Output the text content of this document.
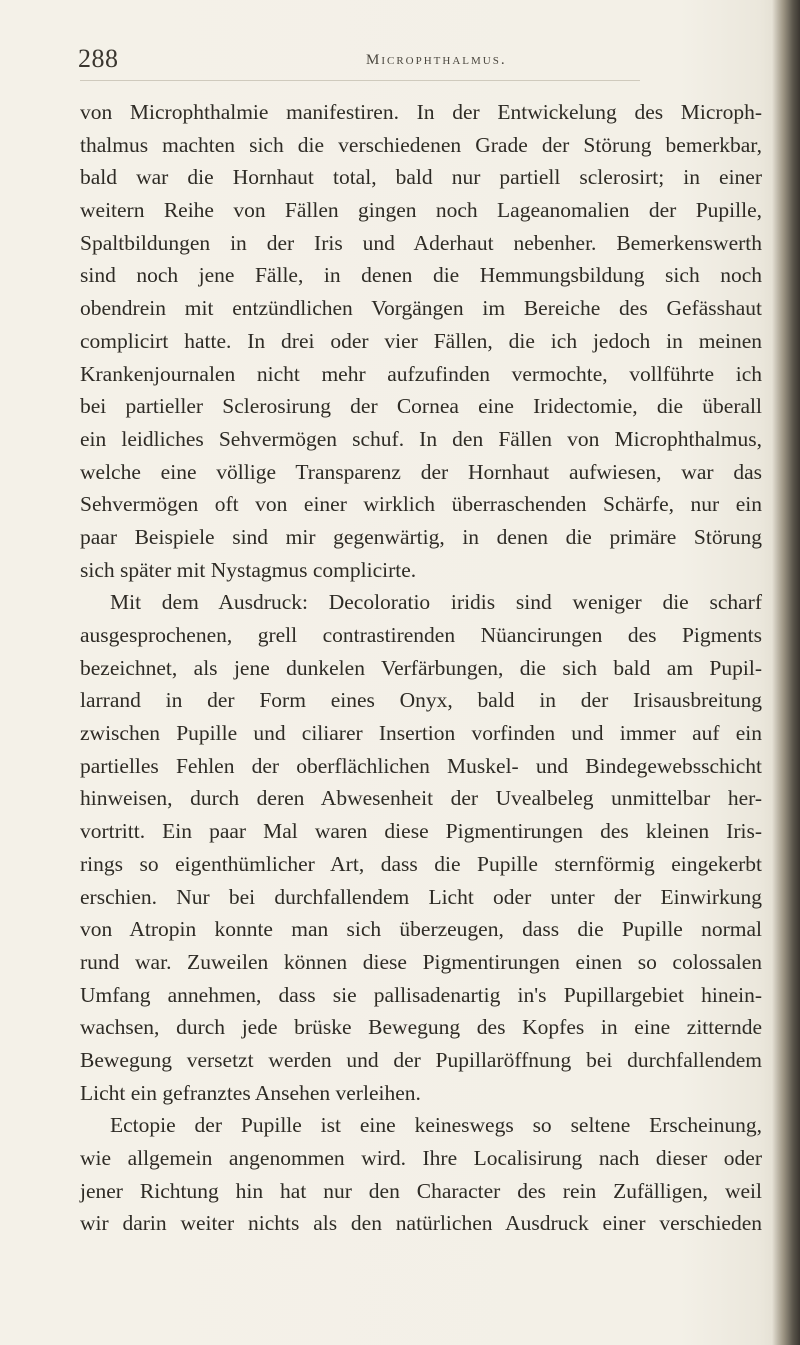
288	Microphthalmus.
von Microphthalmie manifestiren. In der Entwickelung des Microph-
thalmus machten sich die verschiedenen Grade der Störung bemerkbar,
bald war die Hornhaut total, bald nur partiell sclerosirt; in einer
weitern Reihe von Fällen gingen noch Lageanomalien der Pupille,
Spaltbildungen in der Iris und Aderhaut nebenher. Bemerkenswerth
sind noch jene Fälle, in denen die Hemmungsbildung sich noch
obendrein mit entzündlichen Vorgängen im Bereiche des Gefässhaut
complicirt hatte. In drei oder vier Fällen, die ich jedoch in meinen
Krankenjournalen nicht mehr aufzufinden vermochte, vollführte ich
bei partieller Sclerosirung der Cornea eine Iridectomie, die überall
ein leidliches Sehvermögen schuf. In den Fällen von Microphthalmus,
welche eine völlige Transparenz der Hornhaut aufwiesen, war das
Sehvermögen oft von einer wirklich überraschenden Schärfe, nur ein
paar Beispiele sind mir gegenwärtig, in denen die primäre Störung
sich später mit Nystagmus complicirte.
Mit dem Ausdruck: Decoloratio iridis sind weniger die scharf
ausgesprochenen, grell contrastirenden Nüancirungen des Pigments
bezeichnet, als jene dunkelen Verfärbungen, die sich bald am Pupil-
larrand in der Form eines Onyx, bald in der Irisausbreitung
zwischen Pupille und ciliarer Insertion vorfinden und immer auf ein
partielles Fehlen der oberflächlichen Muskel- und Bindegewebsschicht
hinweisen, durch deren Abwesenheit der Uvealbeleg unmittelbar her-
vortritt. Ein paar Mal waren diese Pigmentirungen des kleinen Iris-
rings so eigenthümlicher Art, dass die Pupille sternförmig eingekerbt
erschien. Nur bei durchfallendem Licht oder unter der Einwirkung
von Atropin konnte man sich überzeugen, dass die Pupille normal
rund war. Zuweilen können diese Pigmentirungen einen so colossalen
Umfang annehmen, dass sie pallisadenartig in's Pupillargebiet hinein-
wachsen, durch jede brüske Bewegung des Kopfes in eine zitternde
Bewegung versetzt werden und der Pupillaröffnung bei durchfallendem
Licht ein gefranztes Ansehen verleihen.
Ectopie der Pupille ist eine keineswegs so seltene Erscheinung,
wie allgemein angenommen wird. Ihre Localisirung nach dieser oder
jener Richtung hin hat nur den Character des rein Zufälligen, weil
wir darin weiter nichts als den natürlichen Ausdruck einer verschieden
